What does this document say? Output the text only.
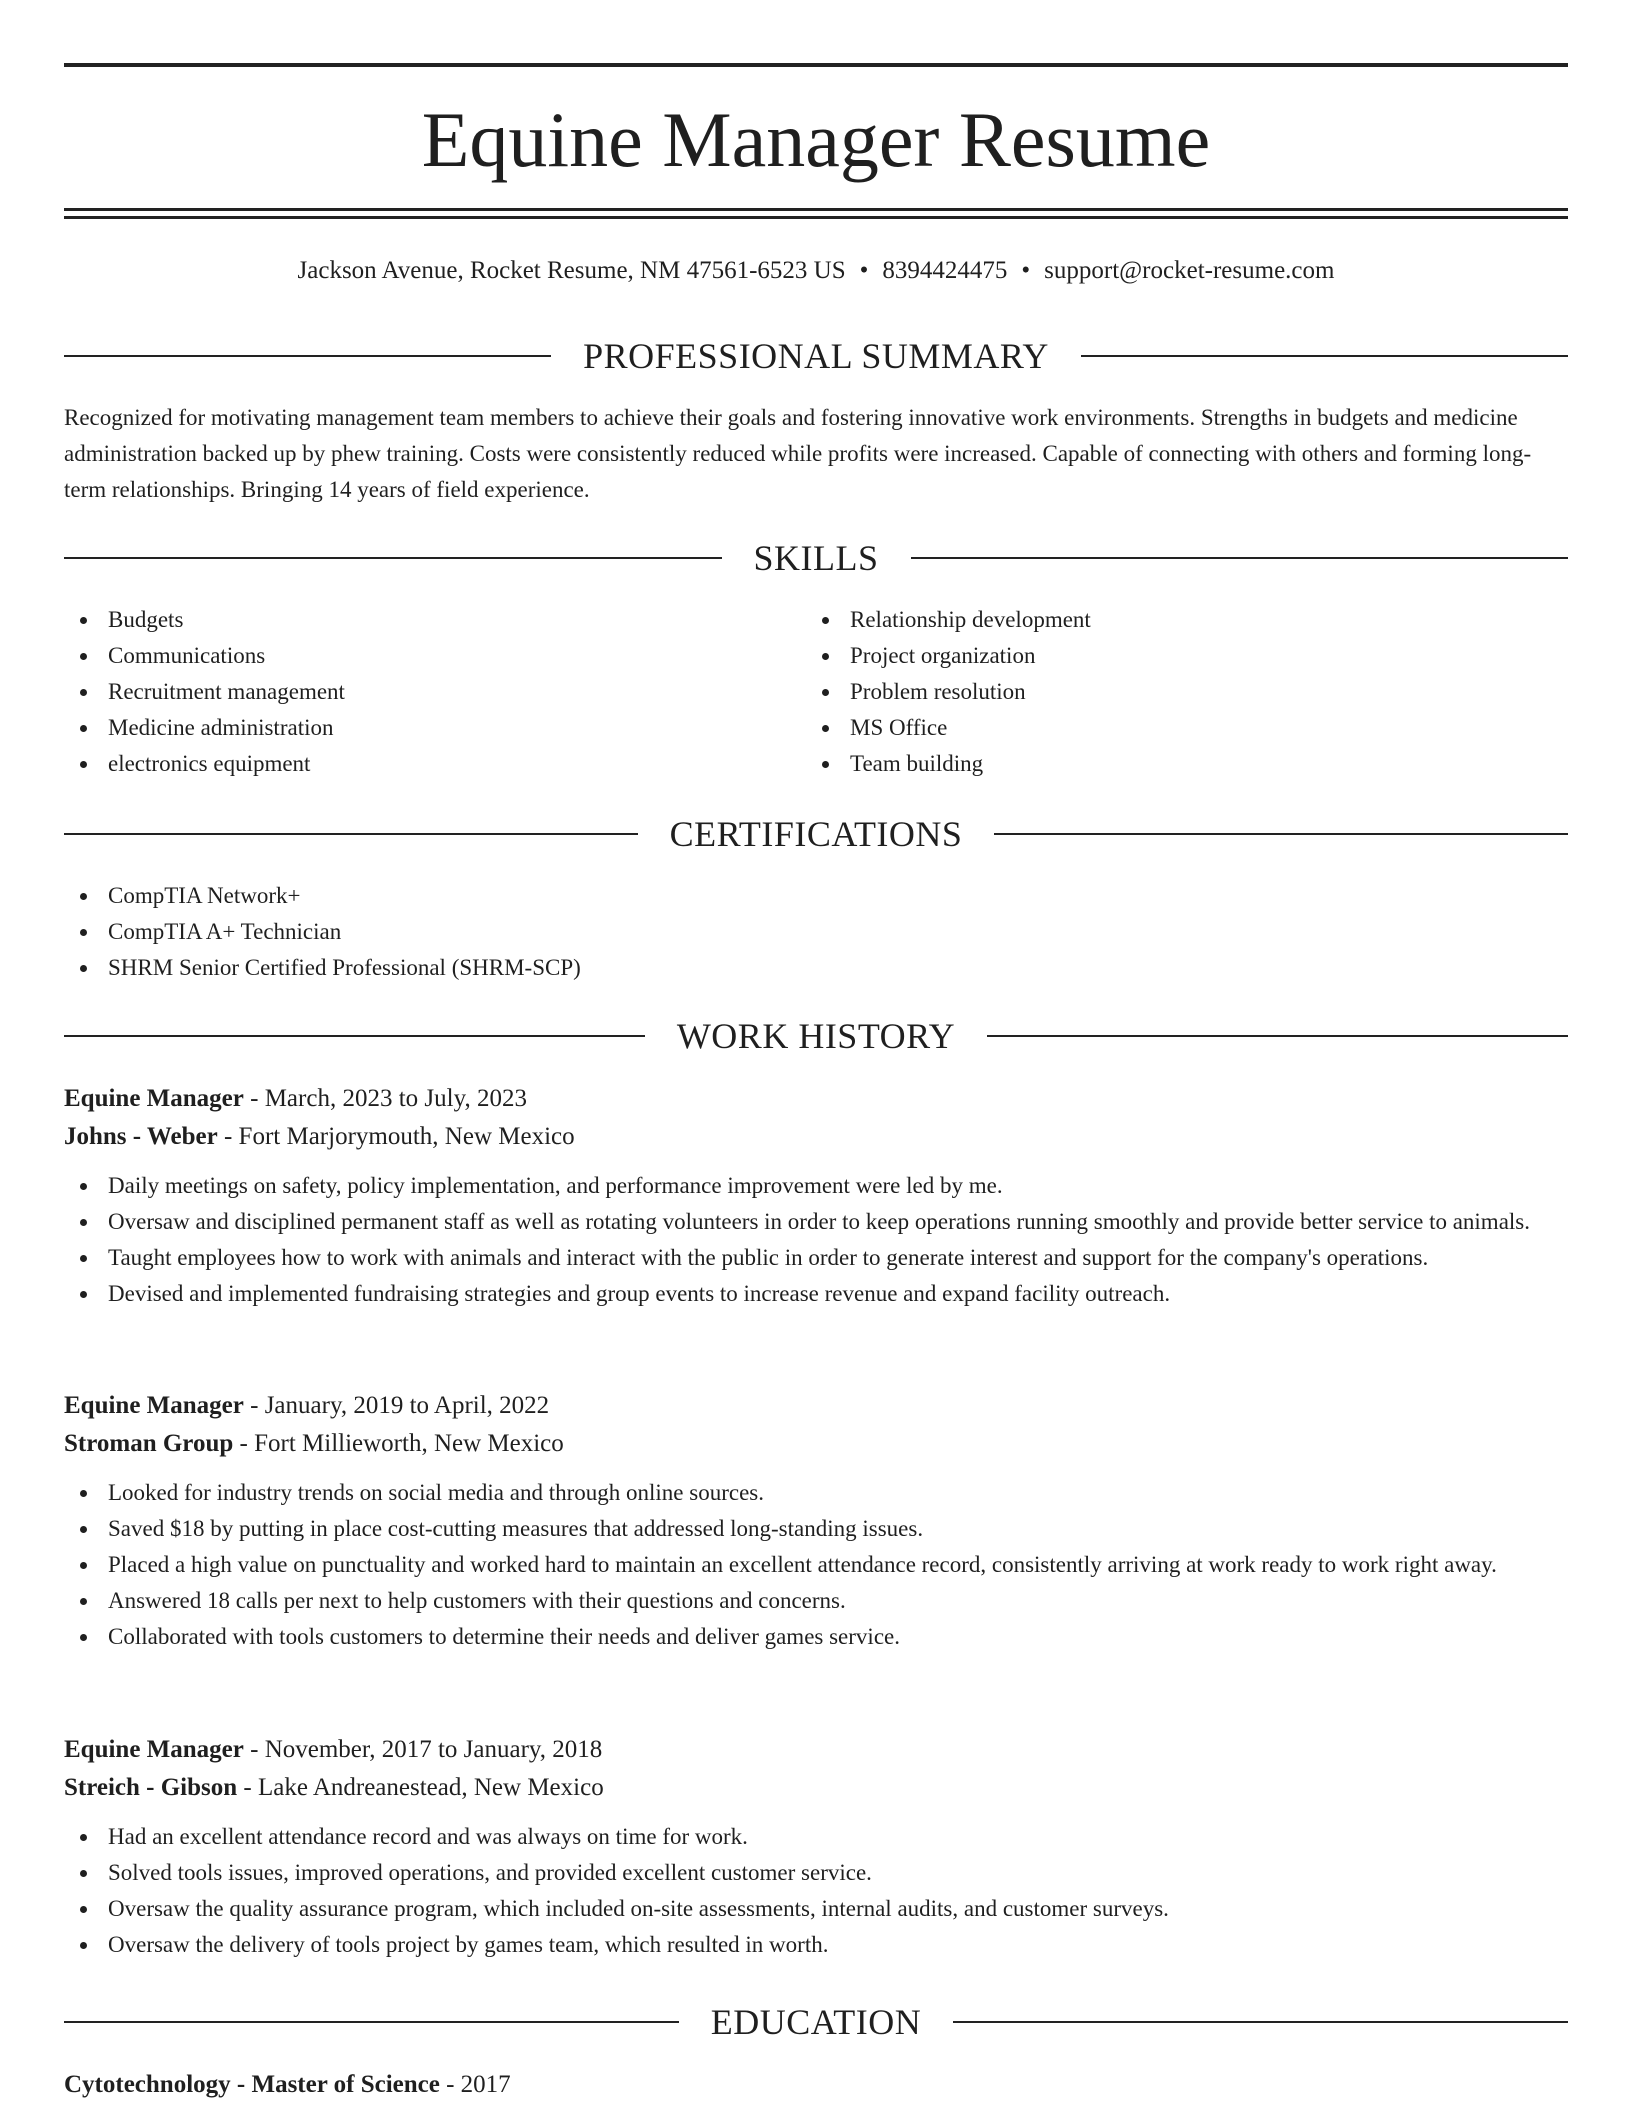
Equine Manager Resume
Jackson Avenue, Rocket Resume, NM 47561-6523 US • 8394424475 • support@rocket-resume.com
PROFESSIONAL SUMMARY

Recognized for motivating management team members to achieve their goals and fostering innovative work environments. Strengths in budgets and medicine administration backed up by phew training. Costs were consistently reduced while profits were increased. Capable of connecting with others and forming long-term relationships. Bringing 14 years of field experience.

SKILLS
Budgets
Communications
Recruitment management
Medicine administration
electronics equipment
Relationship development
Project organization
Problem resolution
MS Office
Team building
CERTIFICATIONS
CompTIA Network+
CompTIA A+ Technician
SHRM Senior Certified Professional (SHRM-SCP)
WORK HISTORY

Equine Manager - March, 2023 to July, 2023

Johns - Weber - Fort Marjorymouth, New Mexico

Daily meetings on safety, policy implementation, and performance improvement were led by me.
Oversaw and disciplined permanent staff as well as rotating volunteers in order to keep operations running smoothly and provide better service to animals.
Taught employees how to work with animals and interact with the public in order to generate interest and support for the company's operations.
Devised and implemented fundraising strategies and group events to increase revenue and expand facility outreach.

Equine Manager - January, 2019 to April, 2022

Stroman Group - Fort Millieworth, New Mexico

Looked for industry trends on social media and through online sources.
Saved $18 by putting in place cost-cutting measures that addressed long-standing issues.
Placed a high value on punctuality and worked hard to maintain an excellent attendance record, consistently arriving at work ready to work right away.
Answered 18 calls per next to help customers with their questions and concerns.
Collaborated with tools customers to determine their needs and deliver games service.

Equine Manager - November, 2017 to January, 2018

Streich - Gibson - Lake Andreanestead, New Mexico

Had an excellent attendance record and was always on time for work.
Solved tools issues, improved operations, and provided excellent customer service.
Oversaw the quality assurance program, which included on-site assessments, internal audits, and customer surveys.
Oversaw the delivery of tools project by games team, which resulted in worth.
EDUCATION
Cytotechnology - Master of Science - 2017
